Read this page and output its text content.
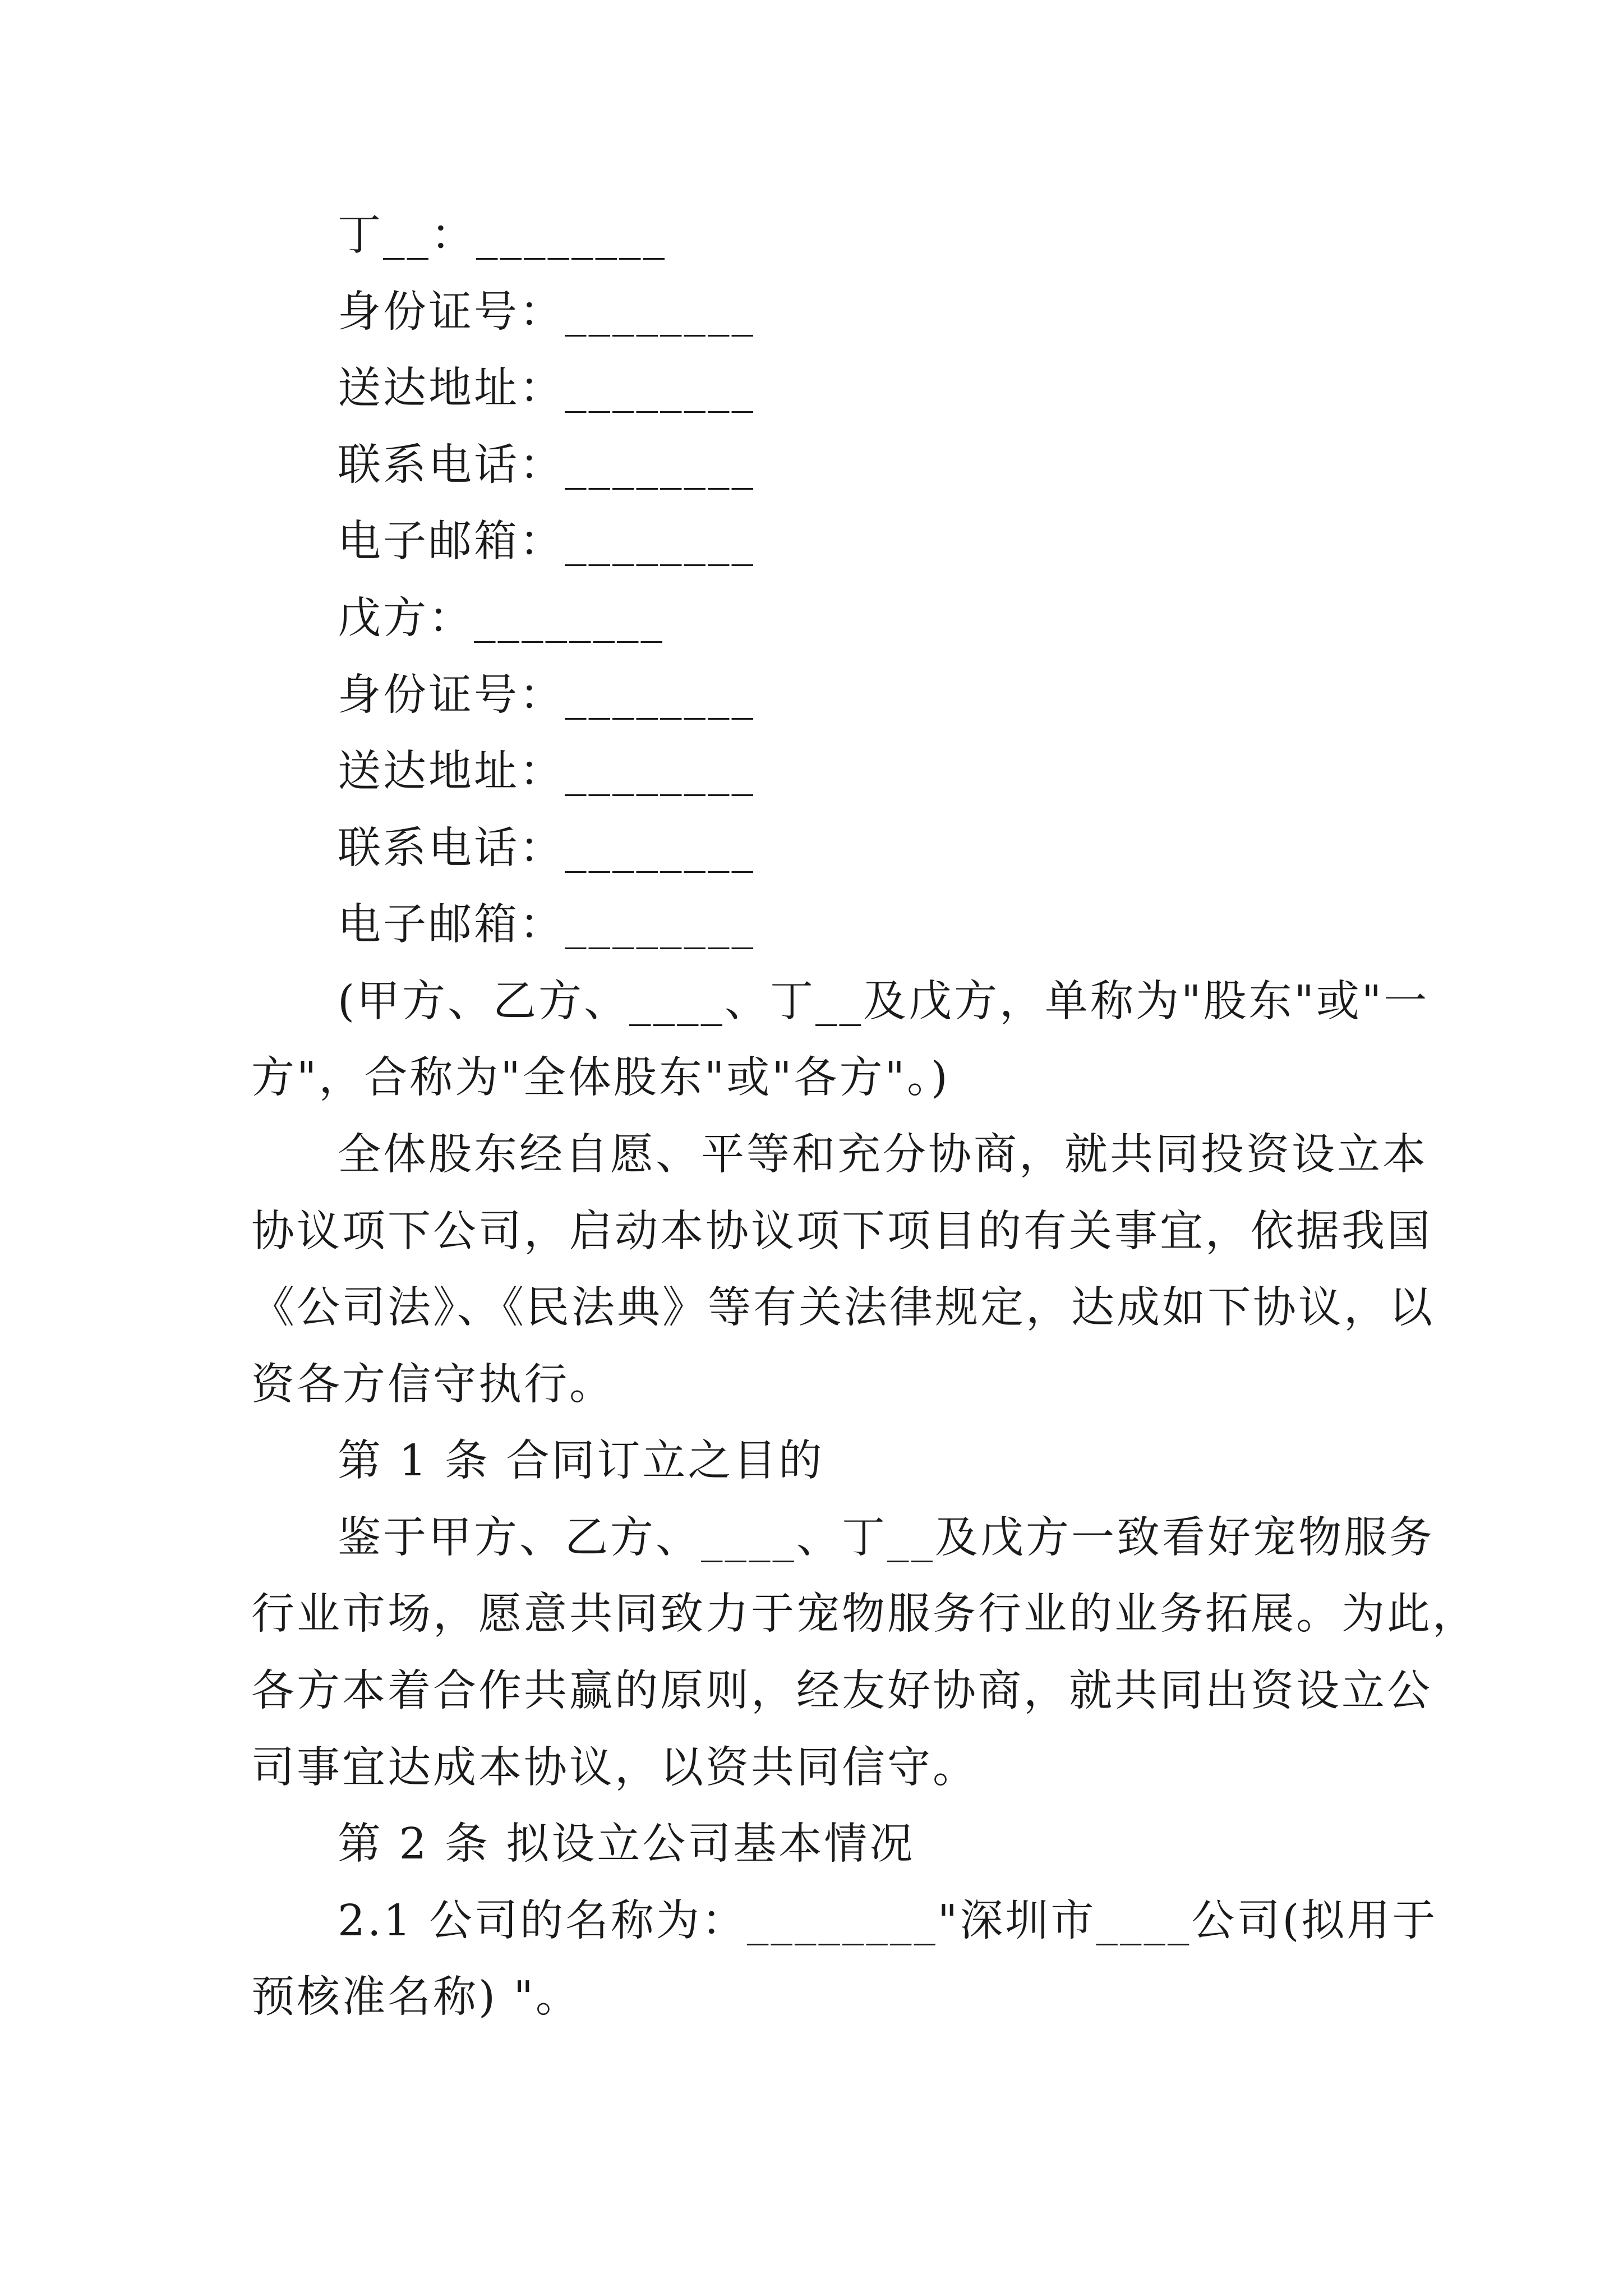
丁__：________
身份证号：________
送达地址：________
联系电话：________
电子邮箱：________
戊方：________
身份证号：________
送达地址：________
联系电话：________
电子邮箱：________
(甲方、乙方、____、丁__及戊方，单称为"股东"或"一
方"，合称为"全体股东"或"各方"。)
全体股东经自愿、平等和充分协商，就共同投资设立本
协议项下公司，启动本协议项下项目的有关事宜，依据我国
《公司法》、《民法典》等有关法律规定，达成如下协议，以
资各方信守执行。
第 1 条 合同订立之目的
鉴于甲方、乙方、____、丁__及戊方一致看好宠物服务
行业市场，愿意共同致力于宠物服务行业的业务拓展。为此，
各方本着合作共赢的原则，经友好协商，就共同出资设立公
司事宜达成本协议，以资共同信守。
第 2 条 拟设立公司基本情况
2.1 公司的名称为：________"深圳市____公司(拟用于
预核准名称) "。
